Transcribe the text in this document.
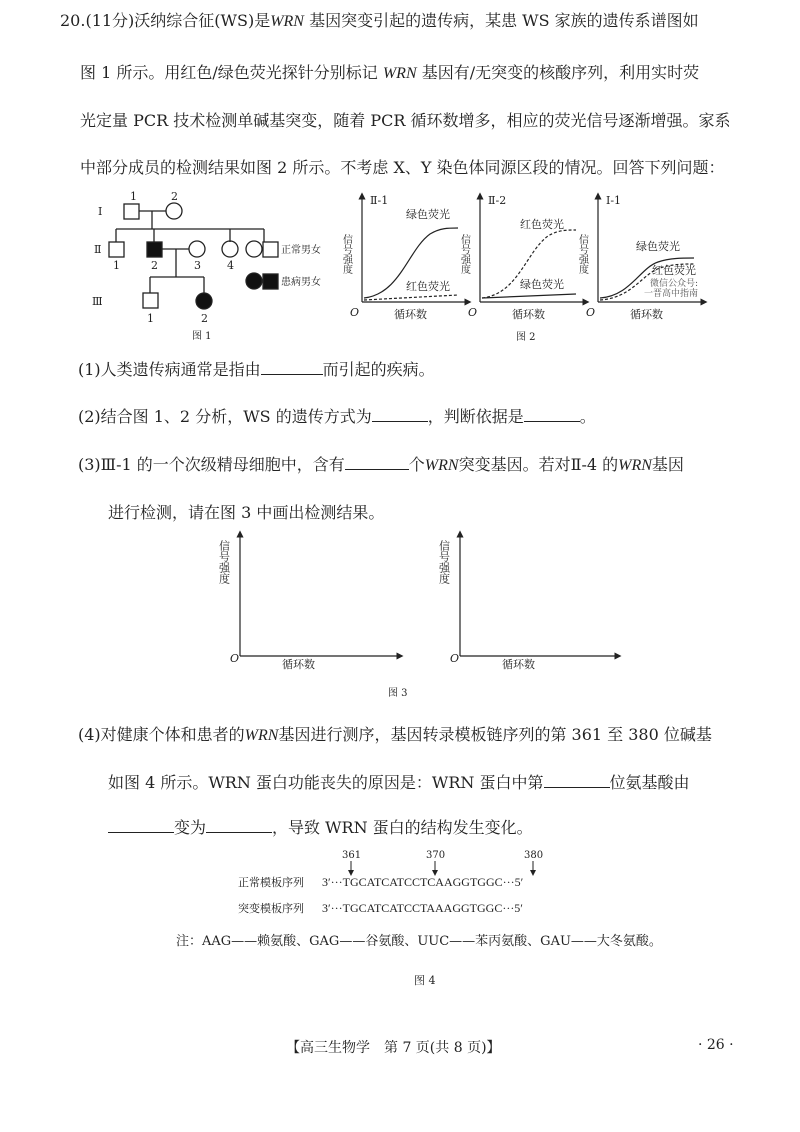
20.(11分)沃纳综合征(WS)是WRN 基因突变引起的遗传病，某患 WS 家族的遗传系谱图如
图 1 所示。用红色/绿色荧光探针分别标记 WRN 基因有/无突变的核酸序列，利用实时荧
光定量 PCR 技术检测单碱基突变，随着 PCR 循环数增多，相应的荧光信号逐渐增强。家系
中部分成员的检测结果如图 2 所示。不考虑 X、Y 染色体同源区段的情况。回答下列问题：
Ⅰ
Ⅱ
Ⅲ
1	2
1	2	3 4
1	2
正常男女
患病男女
图 1
Ⅱ-1	Ⅱ-2	Ⅰ-1
信号强度	信号强度	信号强度
O	O	O
循环数	循环数	循环数
绿色荧光
红色荧光
红色荧光
绿色荧光
绿色荧光
红色荧光
微信公众号:
一晋高中指南
图 2
(1)人类遗传病通常是指由	而引起的疾病。
(2)结合图 1、2 分析，WS 的遗传方式为	，判断依据是	。
(3)Ⅲ-1 的一个次级精母细胞中，含有	个WRN突变基因。若对Ⅱ-4 的WRN基因
进行检测，请在图 3 中画出检测结果。
信号强度	信号强度
O	O
循环数	循环数
图 3
(4)对健康个体和患者的WRN基因进行测序，基因转录模板链序列的第 361 至 380 位碱基
如图 4 所示。WRN 蛋白功能丧失的原因是：WRN 蛋白中第	位氨基酸由
变为	，导致 WRN 蛋白的结构发生变化。
361	370	380
正常模板序列 3′···TGCATCATCCTCAAGGTGGC···5′
突变模板序列 3′···TGCATCATCCTAAAGGTGGC···5′
注：AAG——赖氨酸、GAG——谷氨酸、UUC——苯丙氨酸、GAU——大冬氨酸。
图 4
【高三生物学　第 7 页(共 8 页)】	· 26 ·
